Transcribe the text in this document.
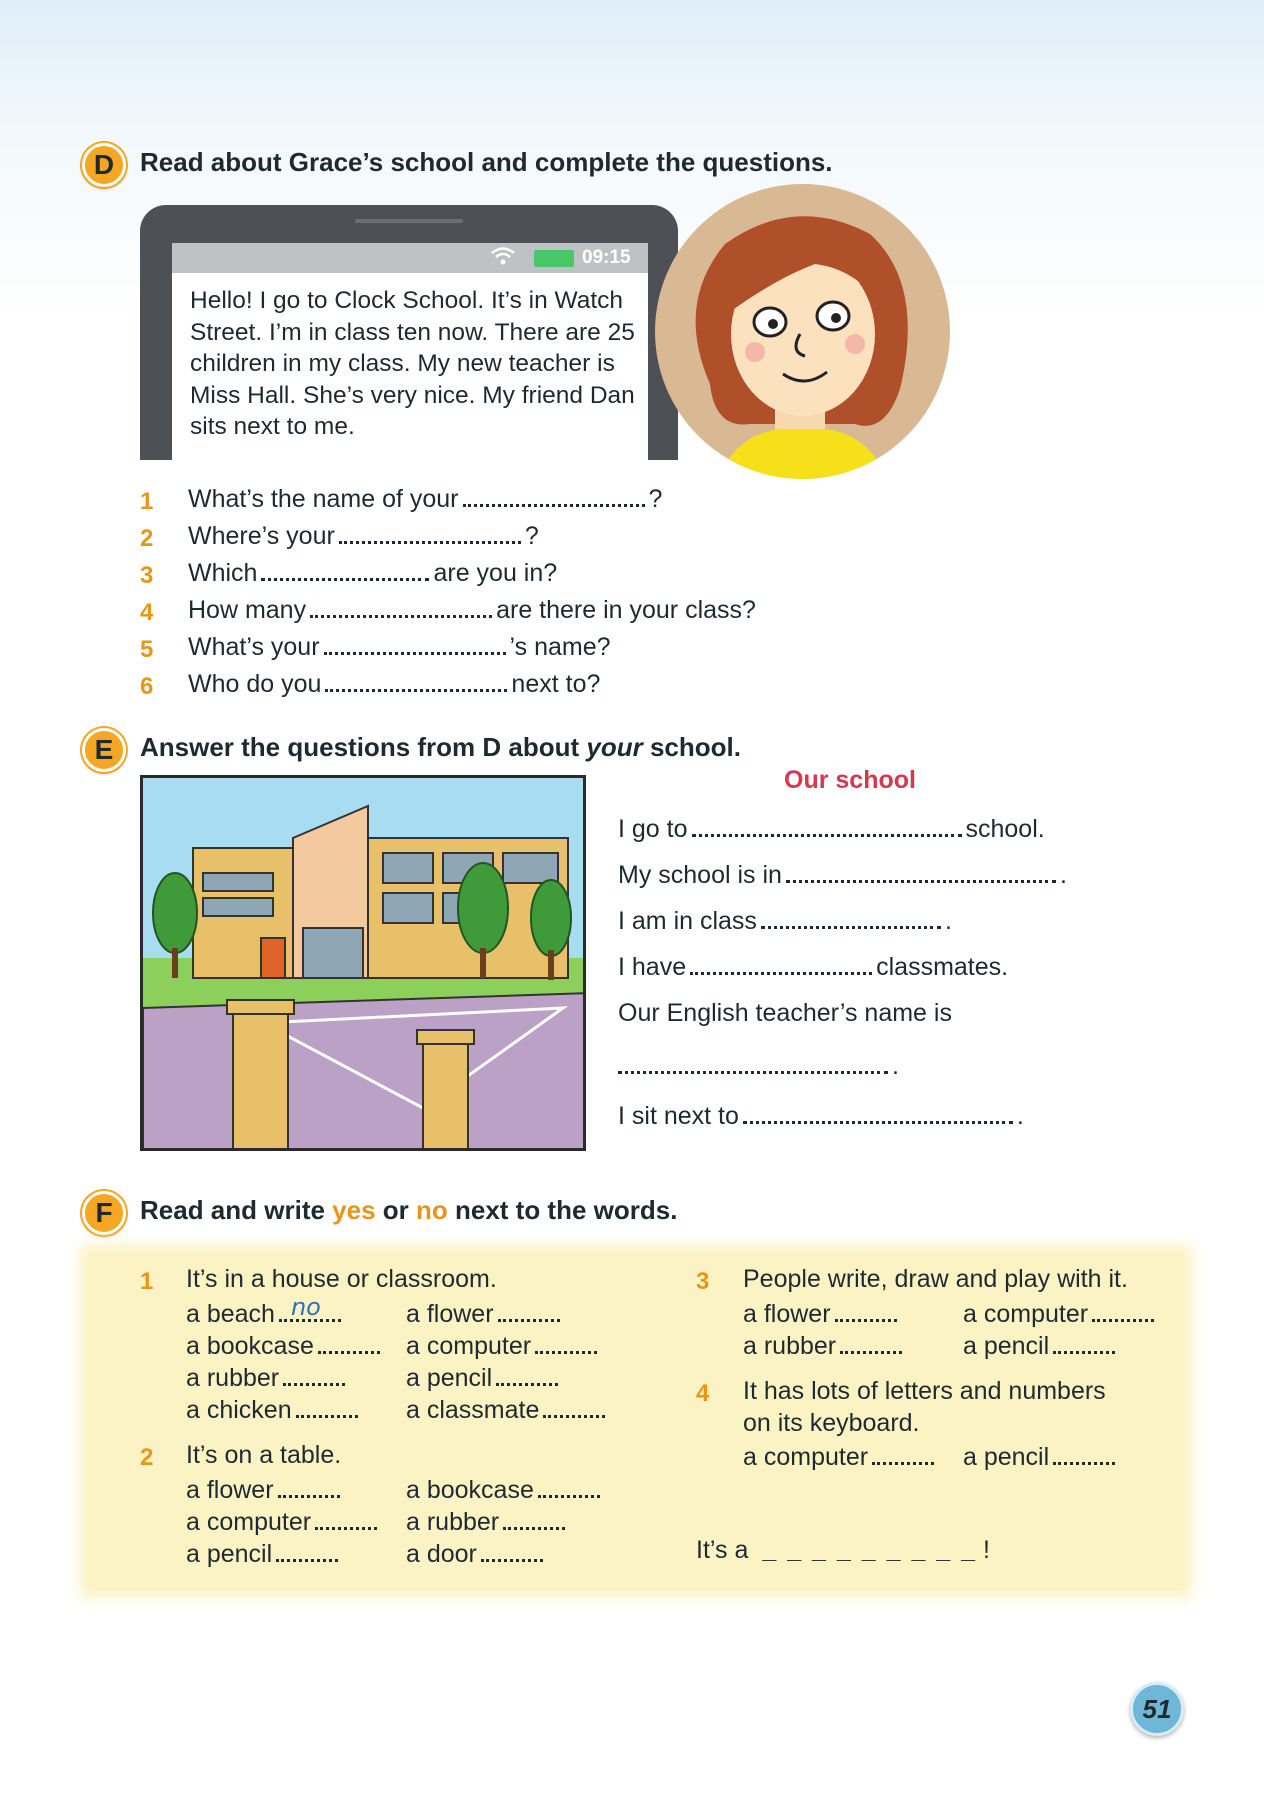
D Read about Grace’s school and complete the questions.
09:15
Hello! I go to Clock School. It’s in Watch Street. I’m in class ten now. There are 25 children in my class. My new teacher is Miss Hall. She’s very nice. My friend Dan sits next to me.
1 What’s the name of your	?
2 Where’s your	?
3 Which	are you in?
4 How many	are there in your class?
5 What’s your	’s name?
6 Who do you	next to?
E Answer the questions from D about your school.
Our school
I go to	school.
My school is in	.
I am in class	.
I have	classmates.
Our English teacher’s name is
.
I sit next to	.
F Read and write yes or no next to the words.
1 It’s in a house or classroom.
a beach no	a flower
a bookcase	a computer
a rubber	a pencil
a chicken	a classmate
2 It’s on a table.
a flower	a bookcase
a computer	a rubber
a pencil	a door
3 People write, draw and play with it.
a flower	a computer
a rubber	a pencil
4 It has lots of letters and numbers
on its keyboard.
a computer	a pencil
It’s a _ _ _ _ _ _ _ _ _ !
51
